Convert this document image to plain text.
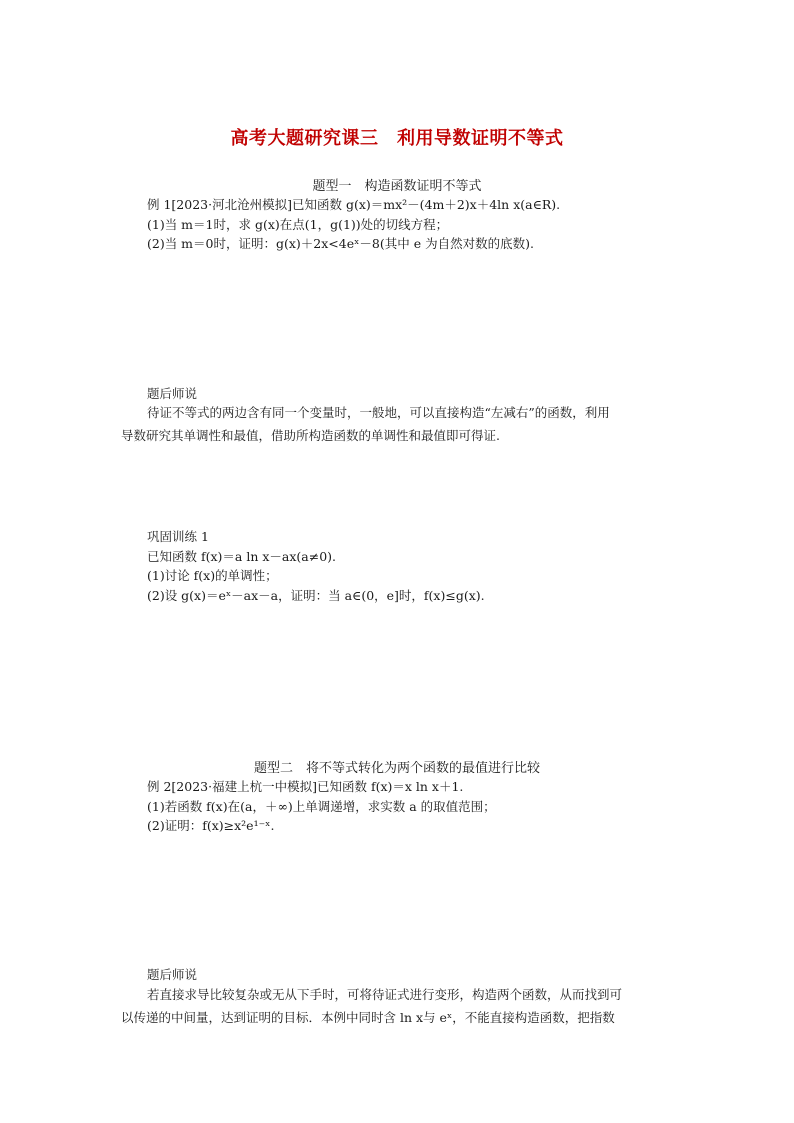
高考大题研究课三　利用导数证明不等式
题型一　构造函数证明不等式
例 1[2023·河北沧州模拟]已知函数 g(x)＝mx²－(4m＋2)x＋4ln x(a∈R).
(1)当 m＝1时，求 g(x)在点(1，g(1))处的切线方程；
(2)当 m＝0时，证明：g(x)＋2x<4eˣ－8(其中 e 为自然对数的底数).
题后师说
待证不等式的两边含有同一个变量时，一般地，可以直接构造“左减右”的函数，利用
导数研究其单调性和最值，借助所构造函数的单调性和最值即可得证.
巩固训练 1
已知函数 f(x)＝a ln x－ax(a≠0).
(1)讨论 f(x)的单调性；
(2)设 g(x)＝eˣ－ax－a，证明：当 a∈(0，e]时，f(x)≤g(x).
题型二　将不等式转化为两个函数的最值进行比较
例 2[2023·福建上杭一中模拟]已知函数 f(x)＝x ln x＋1.
(1)若函数 f(x)在(a，＋∞)上单调递增，求实数 a 的取值范围；
(2)证明：f(x)≥x²e¹⁻ˣ.
题后师说
若直接求导比较复杂或无从下手时，可将待证式进行变形，构造两个函数，从而找到可
以传递的中间量，达到证明的目标．本例中同时含 ln x与 eˣ，不能直接构造函数，把指数
